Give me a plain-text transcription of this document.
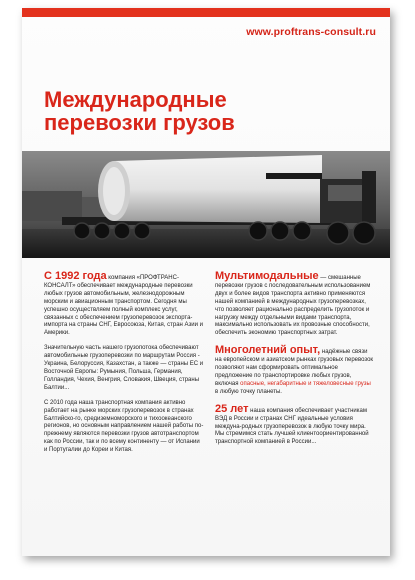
www.proftrans-consult.ru
Международные
перевозки грузов

С 1992 года компания «ПРОФТРАНС-КОНСАЛТ» обеспечивает международные перевозки любых грузов автомобильным, железнодорожным морским и авиационным транспортом. Сегодня мы успешно осуществляем полный комплекс услуг, связанных с обеспечением грузоперевозок экспорта-импорта на страны СНГ, Евросоюза, Китая, стран Азии и Америки.

Значительную часть нашего грузопотока обеспечивают автомобильные грузоперевозки по маршрутам Россия - Украина, Белоруссия, Казахстан, а также — страны ЕС и Восточной Европы: Румыния, Польша, Германия, Голландия, Чехия, Венгрия, Словакия, Швеция, страны Балтии...

С 2010 года наша транспортная компания активно работает на рынке морских грузоперевозок в странах Балтийско-го, средиземноморского и тихоокеанского регионов, но основным направлением нашей работы по-прежнему являются перевозки грузов автотранспортом как по России, так и по всему континенту — от Испании и Португалии до Кореи и Китая.

Мультимодальные — смешанные перевозки грузов с последовательным использованием двух и более видов транспорта активно применяются нашей компанией в международных грузоперевозках, что позволяет рационально распределить грузопоток и нагрузку между отдельными видами транспорта, максимально использовать их провозные способности, обеспечить экономию транспортных затрат.

Многолетний опыт, надёжные связи на европейском и азиатском рынках грузовых перевозок позволяют нам сформировать оптимальное предложение по транспортировке любых грузов, включая опасные, негабаритные и тяжеловесные грузы в любую точку планеты.

25 лет наша компания обеспечивает участникам ВЭД в России и странах СНГ идеальные условия междуна-родных грузоперевозок в любую точку мира. Мы стремимся стать лучшей клиентоориентированной транспортной компанией в России...
